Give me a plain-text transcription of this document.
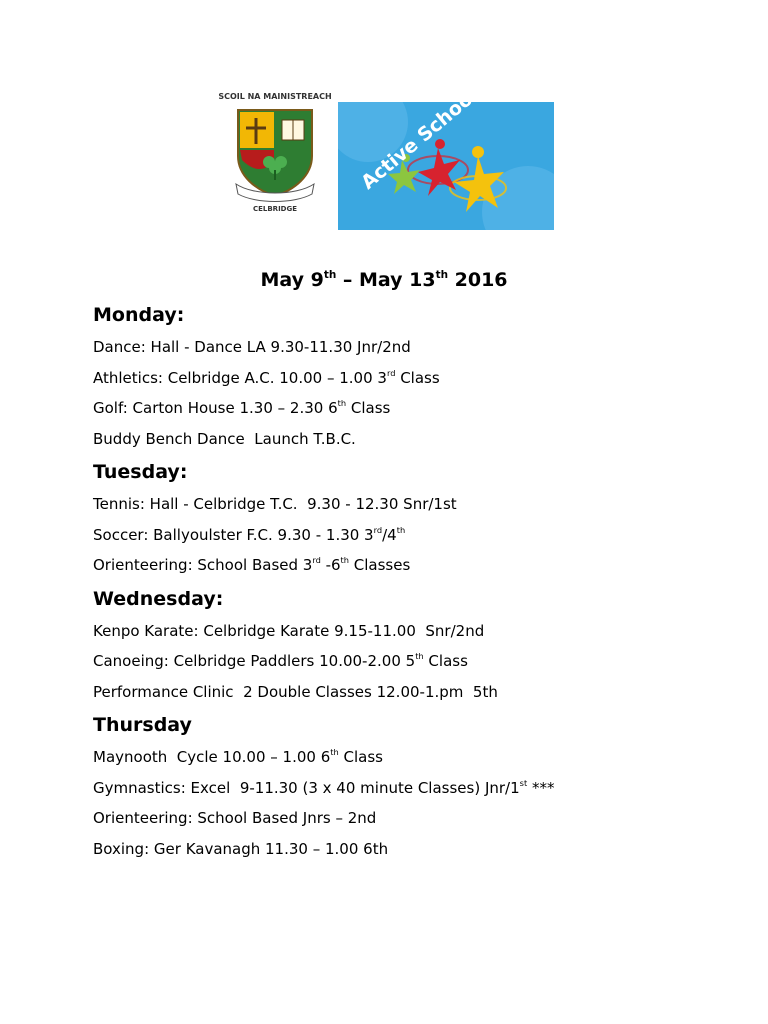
SCOIL NA MAINISTREACH
CELBRIDGE
May 9th – May 13th 2016
Monday:
Dance: Hall - Dance LA 9.30-11.30 Jnr/2nd
Athletics: Celbridge A.C. 10.00 – 1.00 3rd Class
Golf: Carton House 1.30 – 2.30 6th Class
Buddy Bench Dance  Launch T.B.C.
Tuesday:
Tennis: Hall - Celbridge T.C.  9.30 - 12.30 Snr/1st
Soccer: Ballyoulster F.C. 9.30 - 1.30 3rd/4th
Orienteering: School Based 3rd -6th Classes
Wednesday:
Kenpo Karate: Celbridge Karate 9.15-11.00  Snr/2nd
Canoeing: Celbridge Paddlers 10.00-2.00 5th Class
Performance Clinic  2 Double Classes 12.00-1.pm  5th
Thursday
Maynooth  Cycle 10.00 – 1.00 6th Class
Gymnastics: Excel  9-11.30 (3 x 40 minute Classes) Jnr/1st ***
Orienteering: School Based Jnrs – 2nd
Boxing: Ger Kavanagh 11.30 – 1.00 6th
